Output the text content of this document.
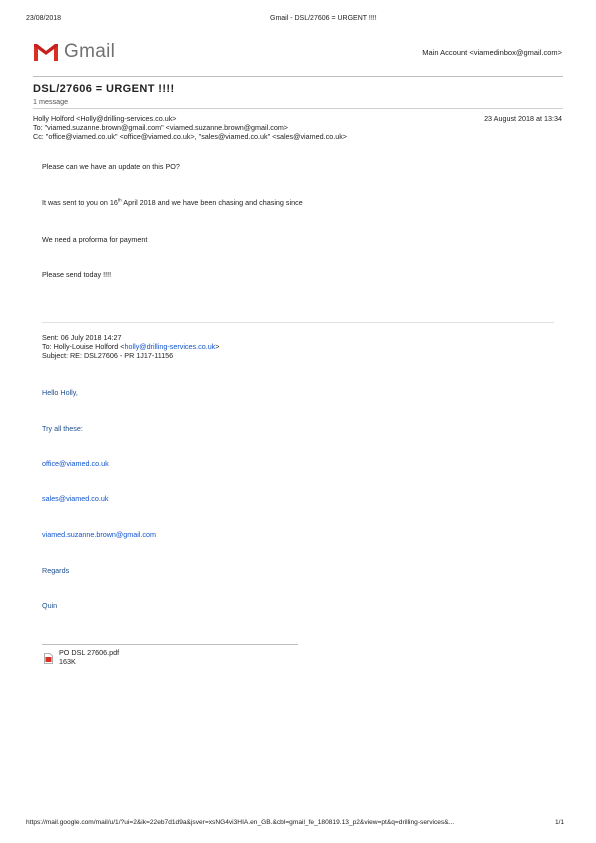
23/08/2018	Gmail - DSL/27606 = URGENT !!!!
Gmail	Main Account <viamedinbox@gmail.com>
DSL/27606 = URGENT !!!!
1 message
Holly Holford <Holly@drilling-services.co.uk>	23 August 2018 at 13:34
To: "viamed.suzanne.brown@gmail.com" <viamed.suzanne.brown@gmail.com>
Cc: "office@viamed.co.uk" <office@viamed.co.uk>, "sales@viamed.co.uk" <sales@viamed.co.uk>
Please can we have an update on this PO?
It was sent to you on 16th April 2018 and we have been chasing and chasing since
We need a proforma for payment
Please send today !!!!
Sent: 06 July 2018 14:27
To: Holly-Louise Holford <holly@drilling-services.co.uk>
Subject: RE: DSL27606 - PR 1J17-11156
Hello Holly,
Try all these:
office@viamed.co.uk
sales@viamed.co.uk
viamed.suzanne.brown@gmail.com
Regards
Quin
PO DSL 27606.pdf
163K
https://mail.google.com/mail/u/1/?ui=2&ik=22eb7d1d9a&jsver=xsNG4vi3HIA.en_GB.&cbl=gmail_fe_180819.13_p2&view=pt&q=drilling-services&...	1/1
